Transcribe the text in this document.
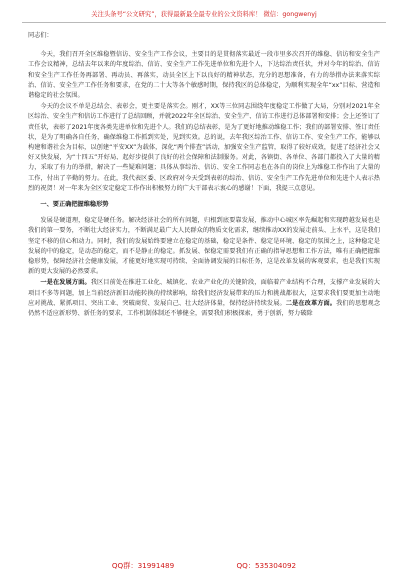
关注头条号“公文研究”，获得最新最全最专业的公文资料库！ 微信：gongwenyj

同志们：

今天，我们召开全区维稳暨信访、安全生产工作会议，主要目的是贯彻落实最近一段市里多次召开的维稳、信访和安全生产工作会议精神，总结去年以来的年度综治、信访、安全生产工作先进单位和先进个人，下达综治责任状，并对今年的综治、信访和安全生产工作任务再部署、再动员、再落实，动员全区上下以良好的精神状态，充分的思想准备，有力的举措办法来落实综治、信访、安全生产工作任务和要求，在党的二十大等各个敏感时期，保持我区的总体稳定，为顺利实现全年“xx”目标、营造和谐稳定的社会氛围。

今天的会议不单是总结会、表彰会，更主要是落实会。刚才，XX等三位同志围绕年度稳定工作做了大局，分别对2021年全区综治、安全生产和信访工作进行了总结回顾，并就2022年全区综治、安全生产、信访工作进行总体部署和安排；会上还签订了责任状，表彰了2021年度各类先进单位和先进个人。我们的总结表彰，是为了更好地推动维稳工作；我们的部署安排、签订责任状，是为了明确各自任务，确保维稳工作抓到实处，见到实效。总的说，去年我区综治工作、信访工作、安全生产工作，能够以构建和谐社会为目标，以创建“平安XX”为载体，深化“两个排查”活动，加强安全生产监管，取得了较好成效，促进了经济社会又好又快发展，为“十四五”开好局、起好步提供了良好的社会保障和法制服务。对此，各镇街、各单位、各部门都投入了大量的精力，采取了有力的举措，解决了一些疑难问题；具体从事综治、信访、安全工作同志也在各自的岗位上为维稳工作作出了大量的工作，付出了辛勤的努力。在此，我代表区委、区政府对今天受到表彰的综治、信访、安全生产工作先进单位和先进个人表示热烈的祝贺！对一年来为全区安定稳定工作作出积极努力的广大干部表示衷心的感谢！下面，我提三点意见。

一、要正确把握维稳形势

发展是硬道理，稳定是硬任务。解决经济社会的所有问题，归根到底要靠发展，推动中心城区率先崛起和实现跨越发展也是我们的第一要务，不断壮大经济实力，不断满足最广大人民群众的物质文化需求，继续推动XX的发展走前头、上水平，这是我们坚定不移的信心和动力。同时，我们的发展始终要建立在稳定的基础，稳定是条件、稳定是环境、稳定的氛围之上，这种稳定是发展的中的稳定，是动态的稳定，而不是静止的稳定。抓发展、保稳定需要我们有正确的指导思想和工作方法，唯有正确把握维稳形势，保障经济社会健康发展，才能更好地实现可持续、全面协调发展的目标任务，这是改革发展的客观要求，也是我们实现新的更大发展的必然要求。

一是在发展方面。我区目前处在推进工业化、城镇化、农业产业化的关键阶段，面临着产业结构不合理，支撑产业发展的大项目不多等问题，加上当前经济新旧动能转换的持续影响，给我们经济发展带来的压力和挑战都很大，这要求我们要更加主动地应对挑战、紧抓项目、突出工业、突破商贸、发展自己、壮大经济体量，保持经济持续发展。二是在改革方面。我们的思想观念仍然不适应新形势、新任务的要求，工作机制体制还不够健全，需要我们积极探索，勇于创新，努力破除

QQ群：31991489	QQ：535304092
